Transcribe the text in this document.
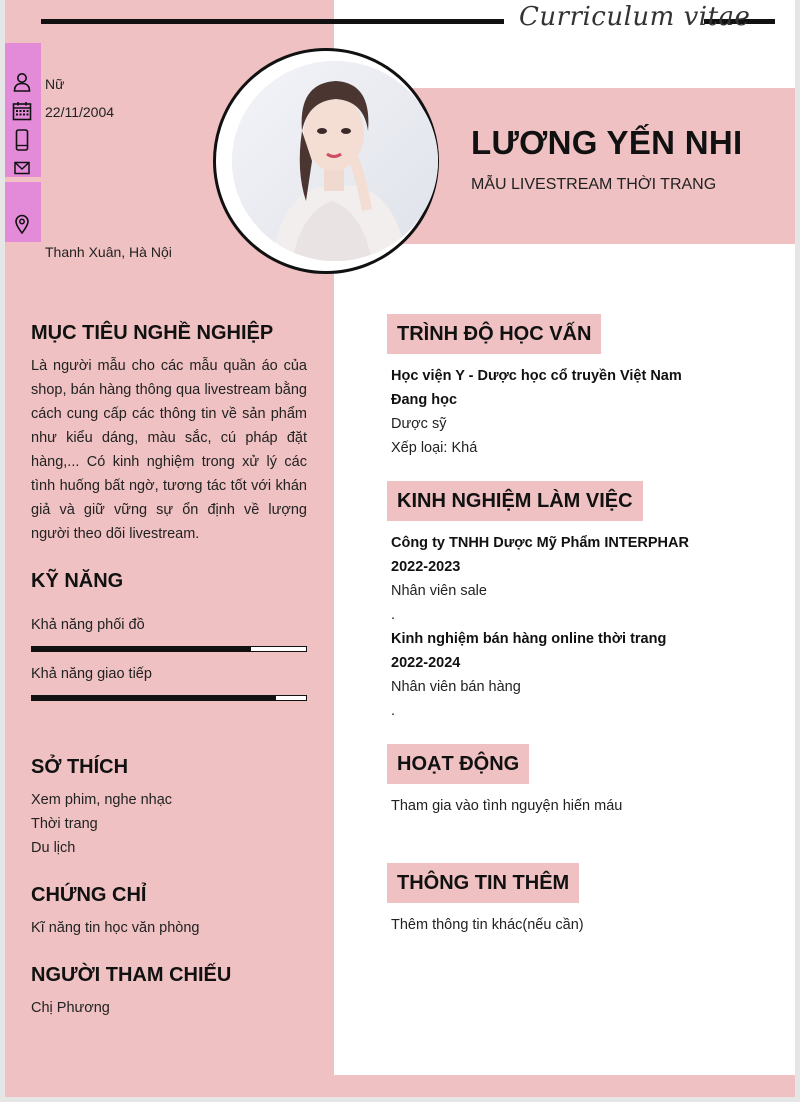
Curriculum vitae
Nữ
22/11/2004
Thanh Xuân, Hà Nội
LƯƠNG YẾN NHI
MẪU LIVESTREAM THỜI TRANG
MỤC TIÊU NGHỀ NGHIỆP
Là người mẫu cho các mẫu quần áo của shop, bán hàng thông qua livestream bằng cách cung cấp các thông tin về sản phẩm như kiểu dáng, màu sắc, cú pháp đặt hàng,... Có kinh nghiệm trong xử lý các tình huống bất ngờ, tương tác tốt với khán giả và giữ vững sự ổn định về lượng người theo dõi livestream.
KỸ NĂNG
Khả năng phối đồ
Khả năng giao tiếp
SỞ THÍCH
Xem phim, nghe nhạc
Thời trang
Du lịch
CHỨNG CHỈ
Kĩ năng tin học văn phòng
NGƯỜI THAM CHIẾU
Chị Phương
TRÌNH ĐỘ HỌC VẤN
Học viện Y - Dược học cổ truyền Việt Nam
Đang học
Dược sỹ
Xếp loại: Khá
KINH NGHIỆM LÀM VIỆC
Công ty TNHH Dược Mỹ Phẩm INTERPHAR
2022-2023
Nhân viên sale
.
Kinh nghiệm bán hàng online thời trang
2022-2024
Nhân viên bán hàng
.
HOẠT ĐỘNG
Tham gia vào tình nguyện hiến máu
THÔNG TIN THÊM
Thêm thông tin khác(nếu cần)
